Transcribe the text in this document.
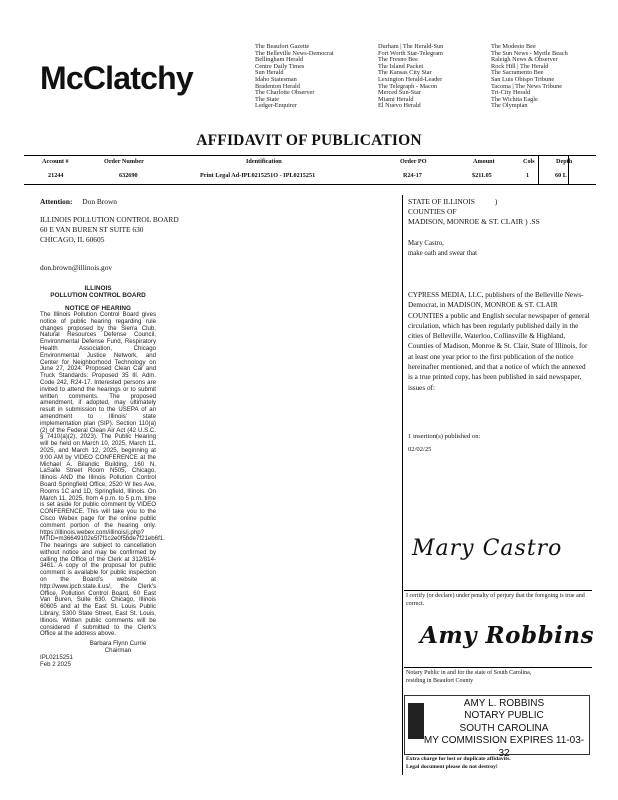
McClatchy
The Beaufort Gazette
The Belleville News-Democrat
Bellingham Herald
Centre Daily Times
Sun Herald
Idaho Statesman
Bradenton Herald
The Charlotte Observer
The State
Ledger-Enquirer
Durham | The Herald-Sun
Fort Worth Star-Telegram
The Fresno Bee
The Island Packet
The Kansas City Star
Lexington Herald-Leader
The Telegraph - Macon
Merced Sun-Star
Miami Herald
El Nuevo Herald
The Modesto Bee
The Sun News - Myrtle Beach
Raleigh News & Observer
Rock Hill | The Herald
The Sacramento Bee
San Luis Obispo Tribune
Tacoma | The News Tribune
Tri-City Herald
The Wichita Eagle
The Olympian
AFFIDAVIT OF PUBLICATION
Account #	Order Number	Identification	Order PO	Amount	Cols	Depth
21244	632690	Print Legal Ad-IPL0215251O - IPL0215251	R24-17	$211.05	1	60 L
Attention: Don Brown
ILLINOIS POLLUTION CONTROL BOARD
60 E VAN BUREN ST SUITE 630
CHICAGO, IL 60605
don.brown@illinois.gov
ILLINOIS
POLLUTION CONTROL BOARD
NOTICE OF HEARING
The Illinois Pollution Control Board gives notice of public hearing regarding rule changes proposed by the Sierra Club, Natural Resources Defense Council, Environmental Defense Fund, Respiratory Health Association, Chicago Environmental Justice Network, and Center for Neighborhood Technology on June 27, 2024: Proposed Clean Car and Truck Standards: Proposed 35 Ill. Adm. Code 242, R24-17. Interested persons are invited to attend the hearings or to submit written comments. The proposed amendment, if adopted, may ultimately result in submission to the USEPA of an amendment to Illinois' state implementation plan (SIP). Section 110(a)(2) of the Federal Clean Air Act (42 U.S.C. § 7410(a)(2), 2023). The Public Hearing will be held on March 10, 2025, March 11, 2025, and March 12, 2025, beginning at 9:00 AM by VIDEO CONFERENCE at the Michael A. Bilandic Building, 160 N. LaSalle Street Room N505, Chicago, Illinois AND the Illinois Pollution Control Board Springfield Office, 2520 W Iles Ave, Rooms 1C and 1D, Springfield, Illinois. On March 11, 2025, from 4 p.m. to 5 p.m. time is set aside for public comment by VIDEO CONFERENCE. This will take you to the Cisco Webex page for the online public comment portion of the hearing only. https://illinois.webex.com/illinois/j.php?MTID=m36649102e5f7f1c2e0f5bde7f21eb6f1. The hearings are subject to cancellation without notice and may be confirmed by calling the Office of the Clerk at 312/814-3461. A copy of the proposal for public comment is available for public inspection on the Board's website at http://www.ipcb.state.il.us/, the Clerk's Office, Pollution Control Board, 60 East Van Buren, Suite 630, Chicago, Illinois 60605 and at the East St. Louis Public Library, 5300 State Street, East St. Louis, Illinois. Written public comments will be considered if submitted to the Clerk's Office at the address above.
Barbara Flynn Currie
Chairman
IPL0215251
Feb 2 2025
STATE OF ILLINOIS	)
COUNTIES OF
MADISON, MONROE & ST. CLAIR ) .SS
Mary Castro,
make oath and swear that
CYPRESS MEDIA, LLC, publishers of the Belleville News-Democrat, in MADISON, MONROE & ST. CLAIR COUNTIES a public and English secular newspaper of general circulation, which has been regularly published daily in the cities of Belleville, Waterloo, Collinsville & Highland, Counties of Madison, Monroe & St. Clair, State of Illinois, for at least one year prior to the first publication of the notice hereinafter mentioned, and that a notice of which the annexed is a true printed copy, has been published in said newspaper, issues of:
1 insertion(s) published on:
02/02/25
Mary Castro
I certify (or declare) under penalty of perjury that the foregoing is true and correct.
Amy Robbins
Notary Public in and for the state of South Carolina,
residing in Beaufort County
AMY L. ROBBINS
NOTARY PUBLIC
SOUTH CAROLINA
MY COMMISSION EXPIRES 11-03-32
Extra charge for lost or duplicate affidavits.
Legal document please do not destroy!
